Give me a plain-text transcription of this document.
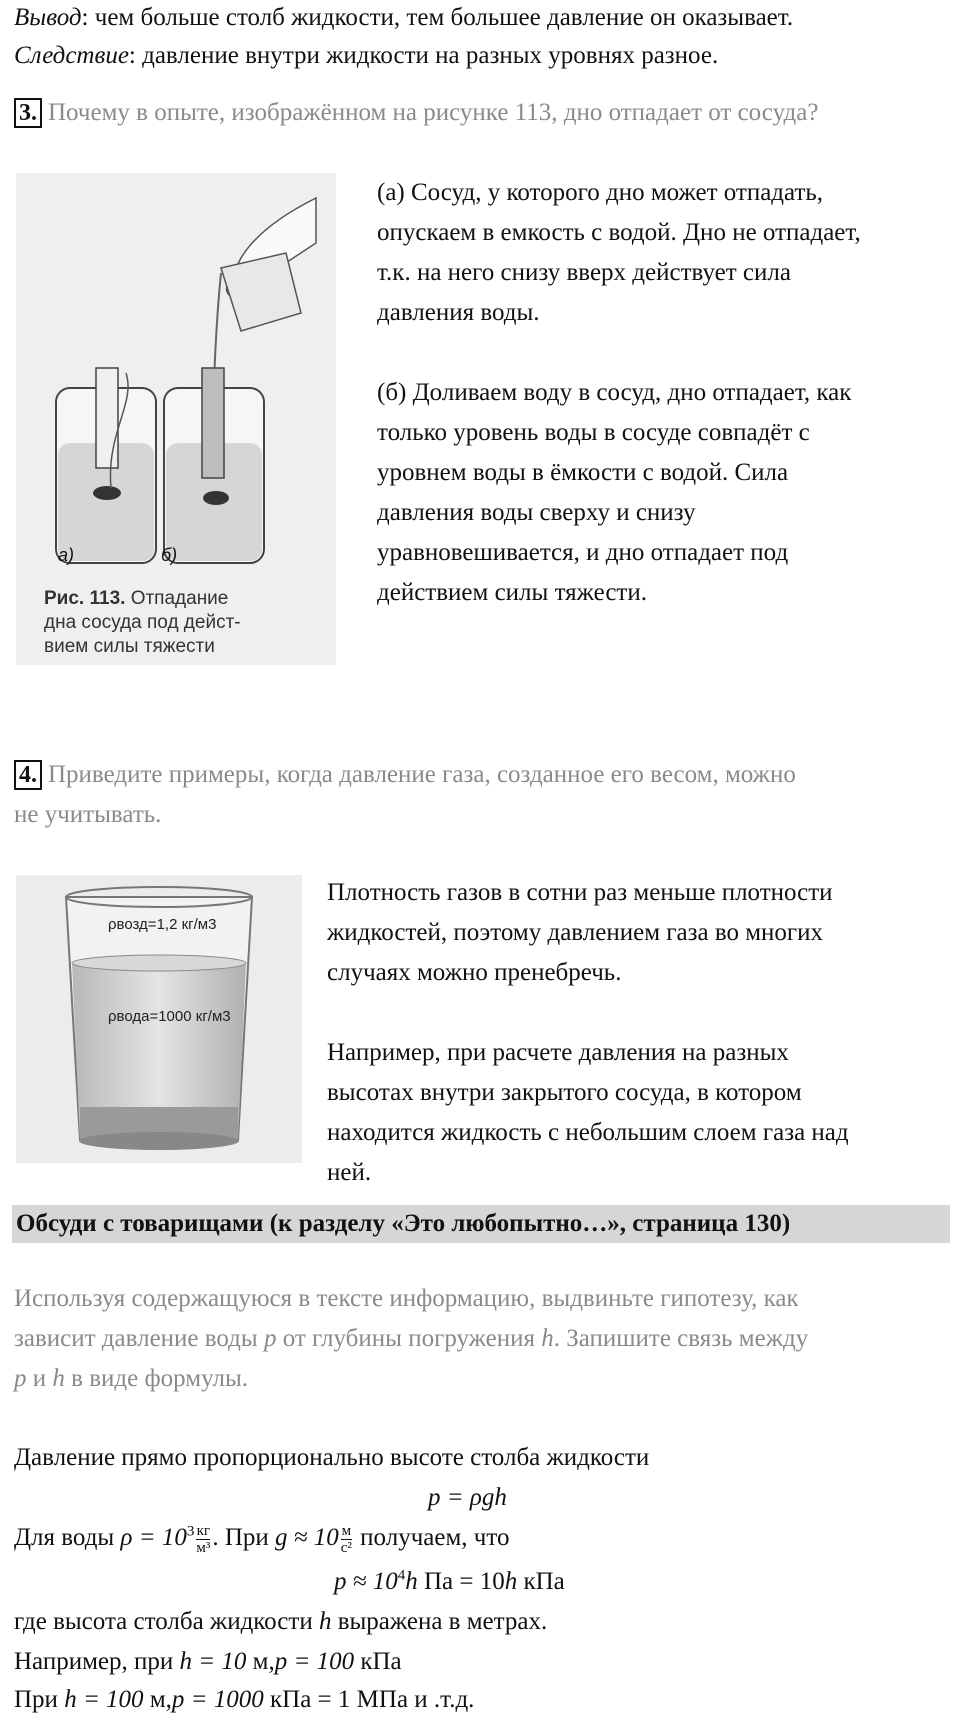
Вывод: чем больше столб жидкости, тем большее давление он оказывает.
Следствие: давление внутри жидкости на разных уровнях разное.
3. Почему в опыте, изображённом на рисунке 113, дно отпадает от сосуда?
а)	б)
Рис. 113. Отпадание
дна сосуда под дейст-
вием силы тяжести

(а) Сосуд, у которого дно может отпадать,

опускаем в емкость с водой. Дно не отпадает,

т.к. на него снизу вверх действует сила

давления воды.

(б) Доливаем воду в сосуд, дно отпадает, как

только уровень воды в сосуде совпадёт с

уровнем воды в ёмкости с водой. Сила

давления воды сверху и снизу

уравновешивается, и дно отпадает под

действием силы тяжести.

4. Приведите примеры, когда давление газа, созданное его весом, можно
не учитывать.
ρвозд=1,2 кг/м3
ρвода=1000 кг/м3

Плотность газов в сотни раз меньше плотности

жидкостей, поэтому давлением газа во многих

случаях можно пренебречь.

Например, при расчете давления на разных

высотах внутри закрытого сосуда, в котором

находится жидкость с небольшим слоем газа над

ней.

Обсуди с товарищами (к разделу «Это любопытно…», страница 130)
Используя содержащуюся в тексте информацию, выдвиньте гипотезу, как
зависит давление воды p от глубины погружения h. Запишите связь между
p и h в виде формулы.
Давление прямо пропорционально высоте столба жидкости
p = ρgh
Для воды $\rho = 10^3 \frac{кг}{\text{м³}}$ . При $g \approx 10 \frac{м}{\text{с²}}$ получаем, что
$p \approx 10^4h$ Па = 10h кПа
где высота столба жидкости h выражена в метрах.
Например, при h = 10 м,p = 100 кПа
При h = 100 м,p = 1000 кПа = 1 МПа и .т.д.
